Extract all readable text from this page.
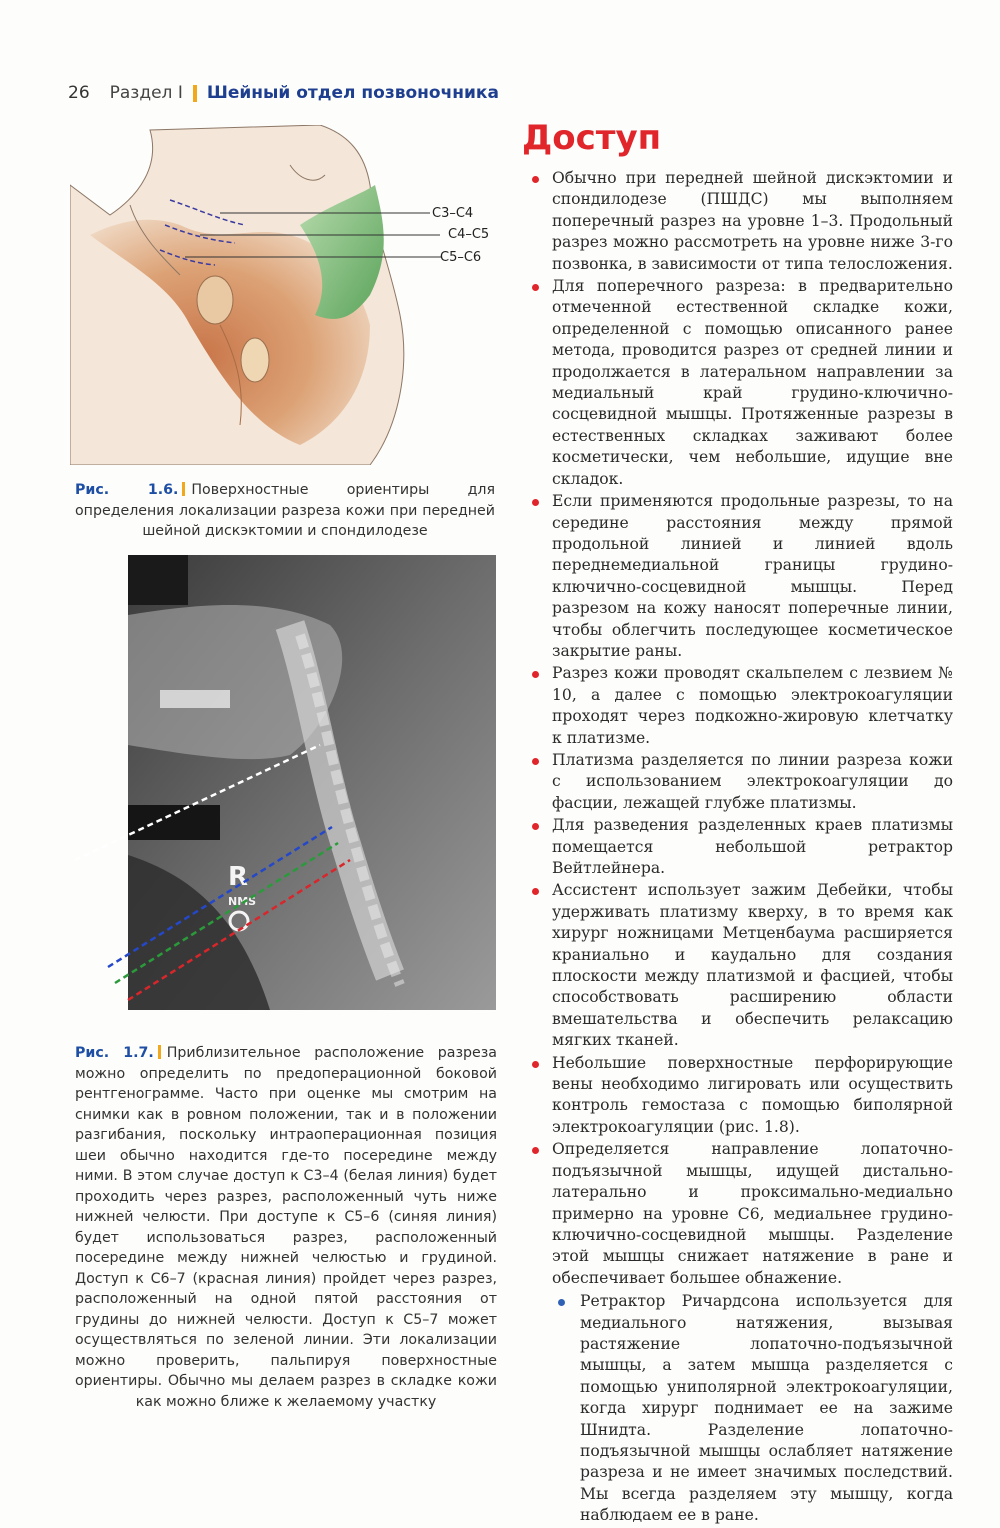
26 Раздел I Шейный отдел позвоночника
C3–C4
C4–C5
C5–C6
Рис. 1.6. Поверхностные ориентиры для определения локализации разреза кожи при передней шейной дискэктомии и спондилодезе
R
NMS
Рис. 1.7. Приблизительное расположение разреза можно определить по предоперационной боковой рентгенограмме. Часто при оценке мы смотрим на снимки как в ровном положении, так и в положении разгибания, поскольку интраоперационная позиция шеи обычно находится где-то посередине между ними. В этом случае доступ к C3–4 (белая линия) будет проходить через разрез, расположенный чуть ниже нижней челюсти. При доступе к C5–6 (синяя линия) будет использоваться разрез, расположенный посередине между нижней челюстью и грудиной. Доступ к C6–7 (красная линия) пройдет через разрез, расположенный на одной пятой расстояния от грудины до нижней челюсти. Доступ к C5–7 может осуществляться по зеленой линии. Эти локализации можно проверить, пальпируя поверхностные ориентиры. Обычно мы делаем разрез в складке кожи как можно ближе к желаемому участку
Доступ
Обычно при передней шейной дискэктомии и спондилодезе (ПШДС) мы выполняем поперечный разрез на уровне 1–3. Продольный разрез можно рассмотреть на уровне ниже 3-го позвонка, в зависимости от типа телосложения.
Для поперечного разреза: в предварительно отмеченной естественной складке кожи, определенной с помощью описанного ранее метода, проводится разрез от средней линии и продолжается в латеральном направлении за медиальный край грудино-ключично-сосцевидной мышцы. Протяженные разрезы в естественных складках заживают более косметически, чем небольшие, идущие вне складок.
Если применяются продольные разрезы, то на середине расстояния между прямой продольной линией и линией вдоль переднемедиальной границы грудино-ключично-сосцевидной мышцы. Перед разрезом на кожу наносят поперечные линии, чтобы облегчить последующее косметическое закрытие раны.
Разрез кожи проводят скальпелем с лезвием № 10, а далее с помощью электрокоагуляции проходят через подкожно-жировую клетчатку к платизме.
Платизма разделяется по линии разреза кожи с использованием электрокоагуляции до фасции, лежащей глубже платизмы.
Для разведения разделенных краев платизмы помещается небольшой ретрактор Вейтлейнера.
Ассистент использует зажим Дебейки, чтобы удерживать платизму кверху, в то время как хирург ножницами Метценбаума расширяется краниально и каудально для создания плоскости между платизмой и фасцией, чтобы способствовать расширению области вмешательства и обеспечить релаксацию мягких тканей.
Небольшие поверхностные перфорирующие вены необходимо лигировать или осуществить контроль гемостаза с помощью биполярной электрокоагуляции (рис. 1.8).
Определяется направление лопаточно-подъязычной мышцы, идущей дистально-латерально и проксимально-медиально примерно на уровне C6, медиальнее грудино-ключично-сосцевидной мышцы. Разделение этой мышцы снижает натяжение в ране и обеспечивает большее обнажение.
Ретрактор Ричардсона используется для медиального натяжения, вызывая растяжение лопаточно-подъязычной мышцы, а затем мышца разделяется с помощью униполярной электрокоагуляции, когда хирург поднимает ее на зажиме Шнидта. Разделение лопаточно-подъязычной мышцы ослабляет натяжение разреза и не имеет значимых последствий. Мы всегда разделяем эту мышцу, когда наблюдаем ее в ране.
